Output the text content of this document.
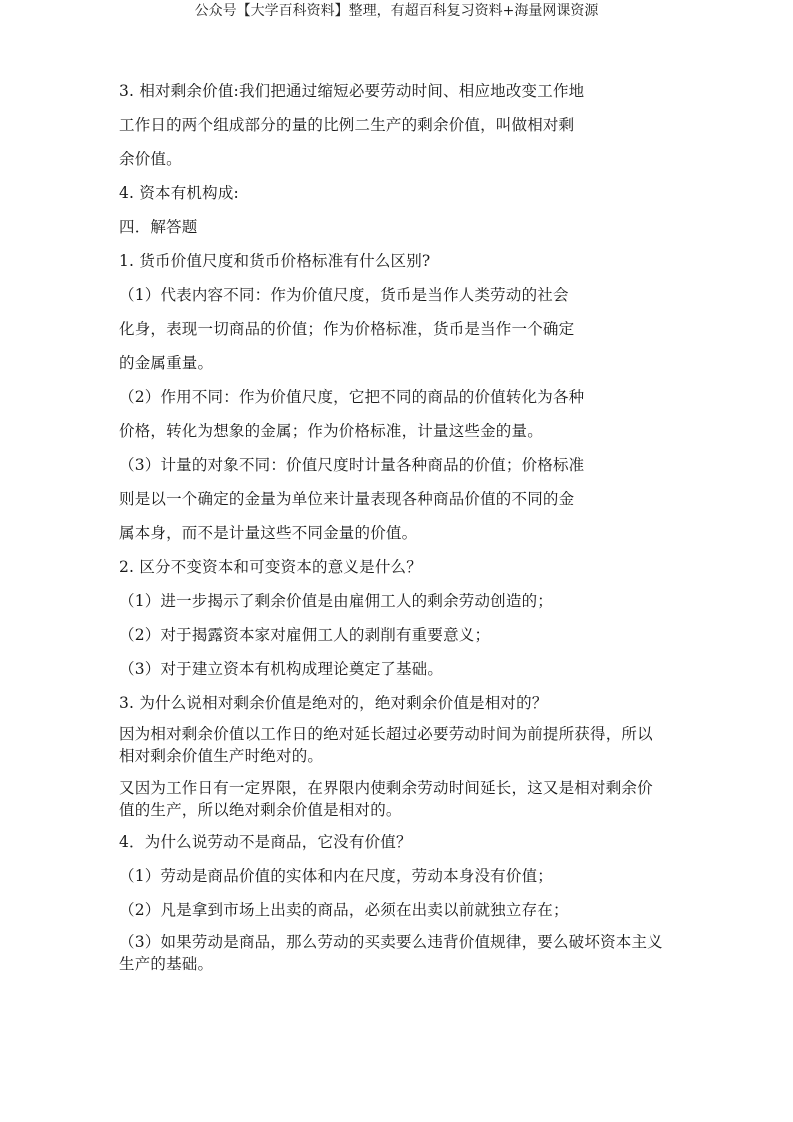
公众号【大学百科资料】整理，有超百科复习资料+海量网课资源
3. 相对剩余价值:我们把通过缩短必要劳动时间、相应地改变工作地
工作日的两个组成部分的量的比例二生产的剩余价值，叫做相对剩
余价值。
4. 资本有机构成:
四．解答题
1. 货币价值尺度和货币价格标准有什么区别?
（1）代表内容不同：作为价值尺度，货币是当作人类劳动的社会
化身，表现一切商品的价值；作为价格标准，货币是当作一个确定
的金属重量。
（2）作用不同：作为价值尺度，它把不同的商品的价值转化为各种
价格，转化为想象的金属；作为价格标准，计量这些金的量。
（3）计量的对象不同：价值尺度时计量各种商品的价值；价格标准
则是以一个确定的金量为单位来计量表现各种商品价值的不同的金
属本身，而不是计量这些不同金量的价值。
2. 区分不变资本和可变资本的意义是什么？
（1）进一步揭示了剩余价值是由雇佣工人的剩余劳动创造的；
（2）对于揭露资本家对雇佣工人的剥削有重要意义；
（3）对于建立资本有机构成理论奠定了基础。
3. 为什么说相对剩余价值是绝对的，绝对剩余价值是相对的？
因为相对剩余价值以工作日的绝对延长超过必要劳动时间为前提所获得，所以
相对剩余价值生产时绝对的。
又因为工作日有一定界限，在界限内使剩余劳动时间延长，这又是相对剩余价
值的生产，所以绝对剩余价值是相对的。
4．为什么说劳动不是商品，它没有价值？
（1）劳动是商品价值的实体和内在尺度，劳动本身没有价值；
（2）凡是拿到市场上出卖的商品，必须在出卖以前就独立存在；
（3）如果劳动是商品，那么劳动的买卖要么违背价值规律，要么破坏资本主义
生产的基础。
